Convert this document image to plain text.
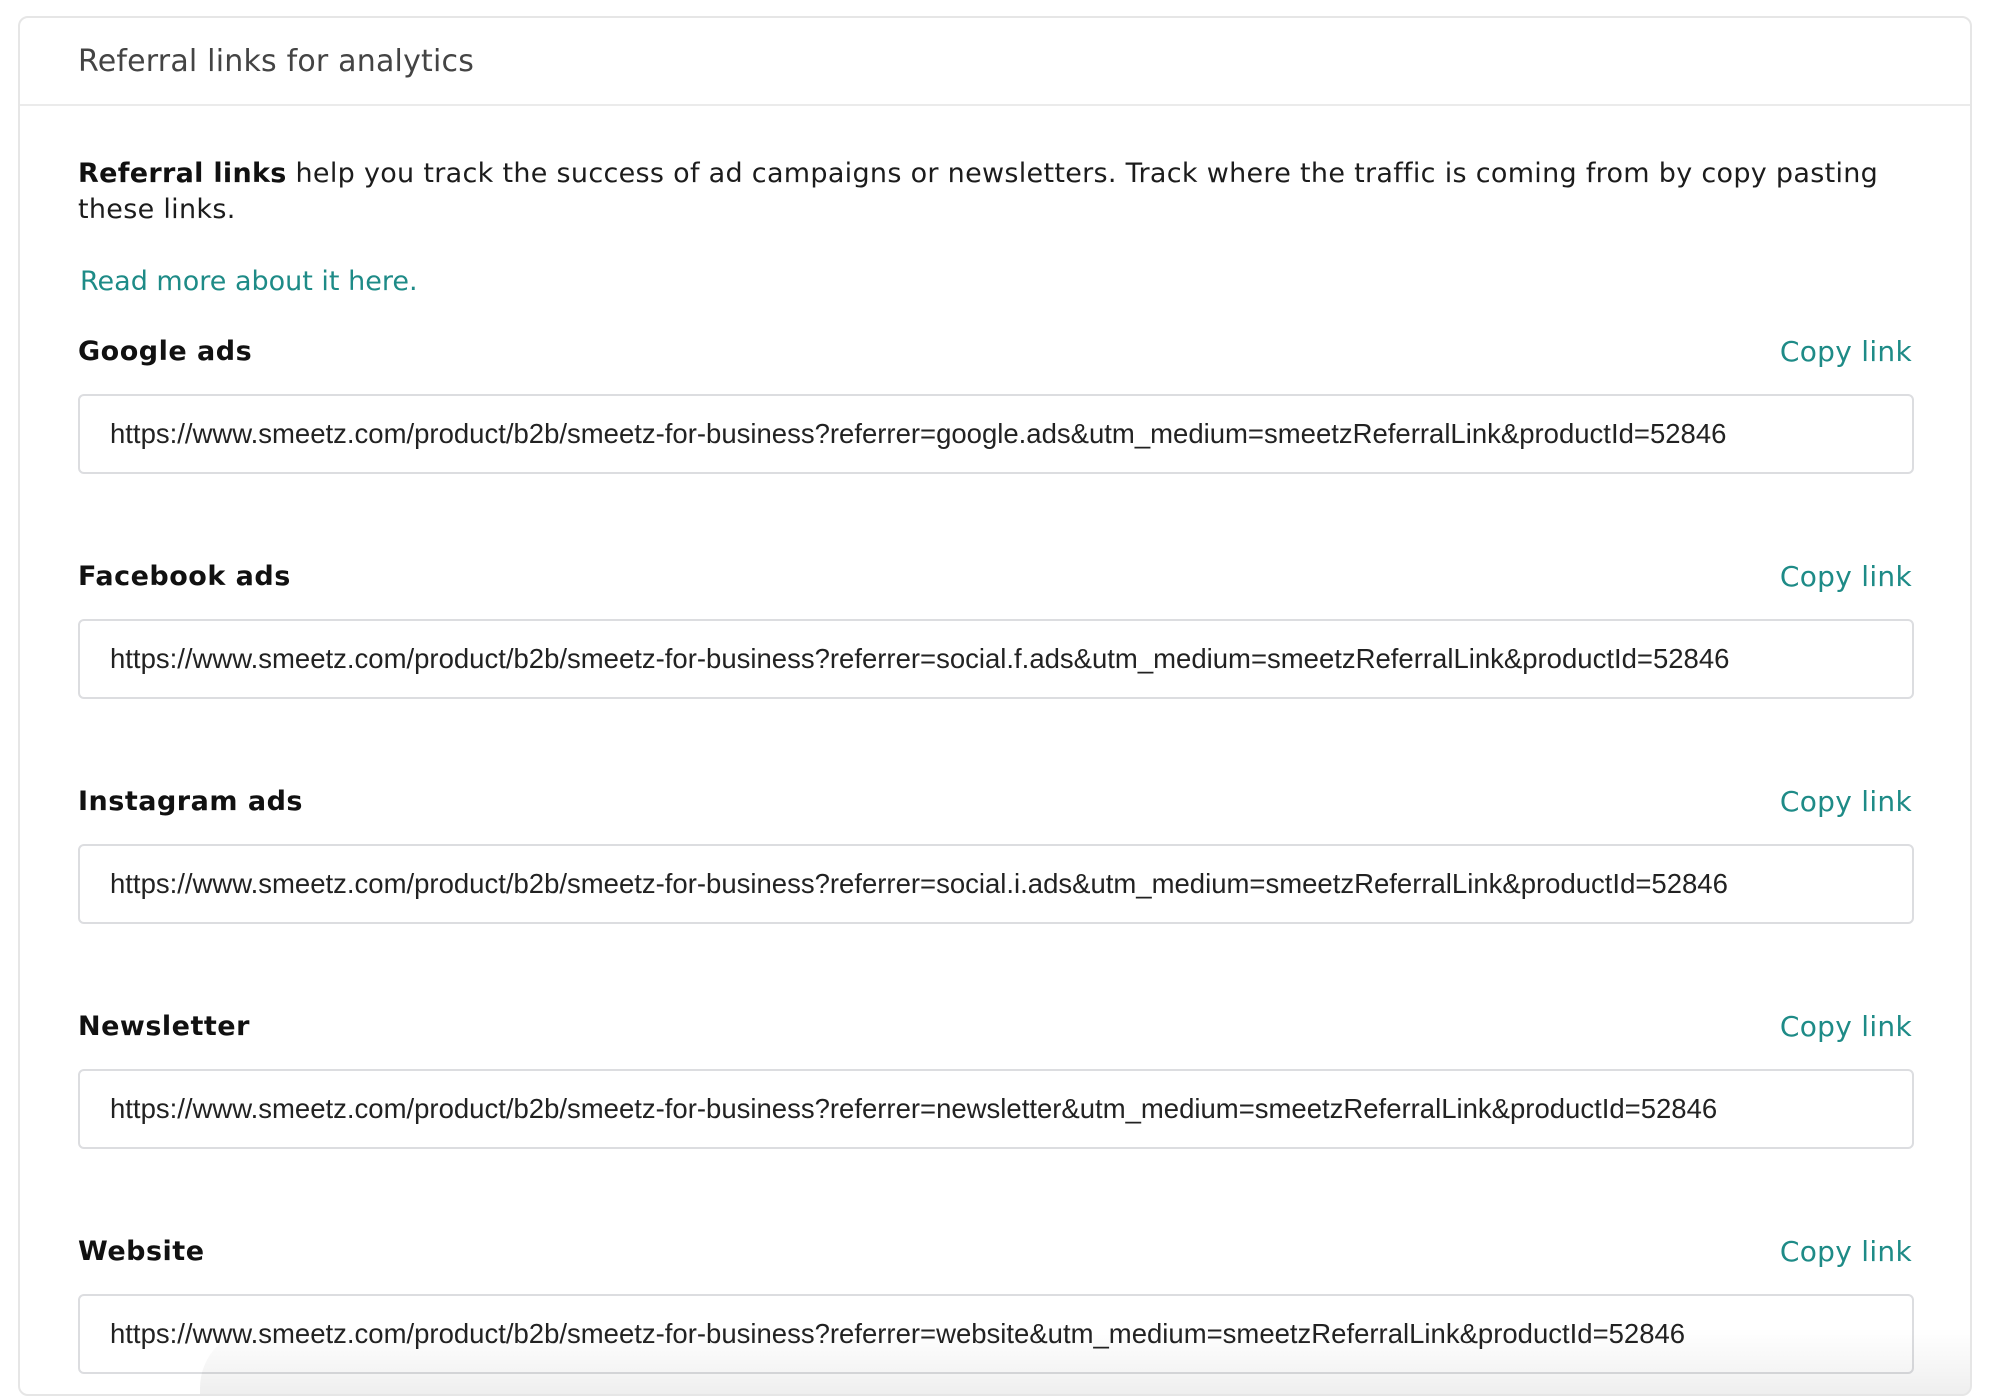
Referral links for analytics
Referral links help you track the success of ad campaigns or newsletters. Track where the traffic is coming from by copy pasting these links.
Read more about it here.
Google ads	Copy link
https://www.smeetz.com/product/b2b/smeetz-for-business?referrer=google.ads&utm_medium=smeetzReferralLink&productId=52846
Facebook ads	Copy link
https://www.smeetz.com/product/b2b/smeetz-for-business?referrer=social.f.ads&utm_medium=smeetzReferralLink&productId=52846
Instagram ads	Copy link
https://www.smeetz.com/product/b2b/smeetz-for-business?referrer=social.i.ads&utm_medium=smeetzReferralLink&productId=52846
Newsletter	Copy link
https://www.smeetz.com/product/b2b/smeetz-for-business?referrer=newsletter&utm_medium=smeetzReferralLink&productId=52846
Website	Copy link
https://www.smeetz.com/product/b2b/smeetz-for-business?referrer=website&utm_medium=smeetzReferralLink&productId=52846
